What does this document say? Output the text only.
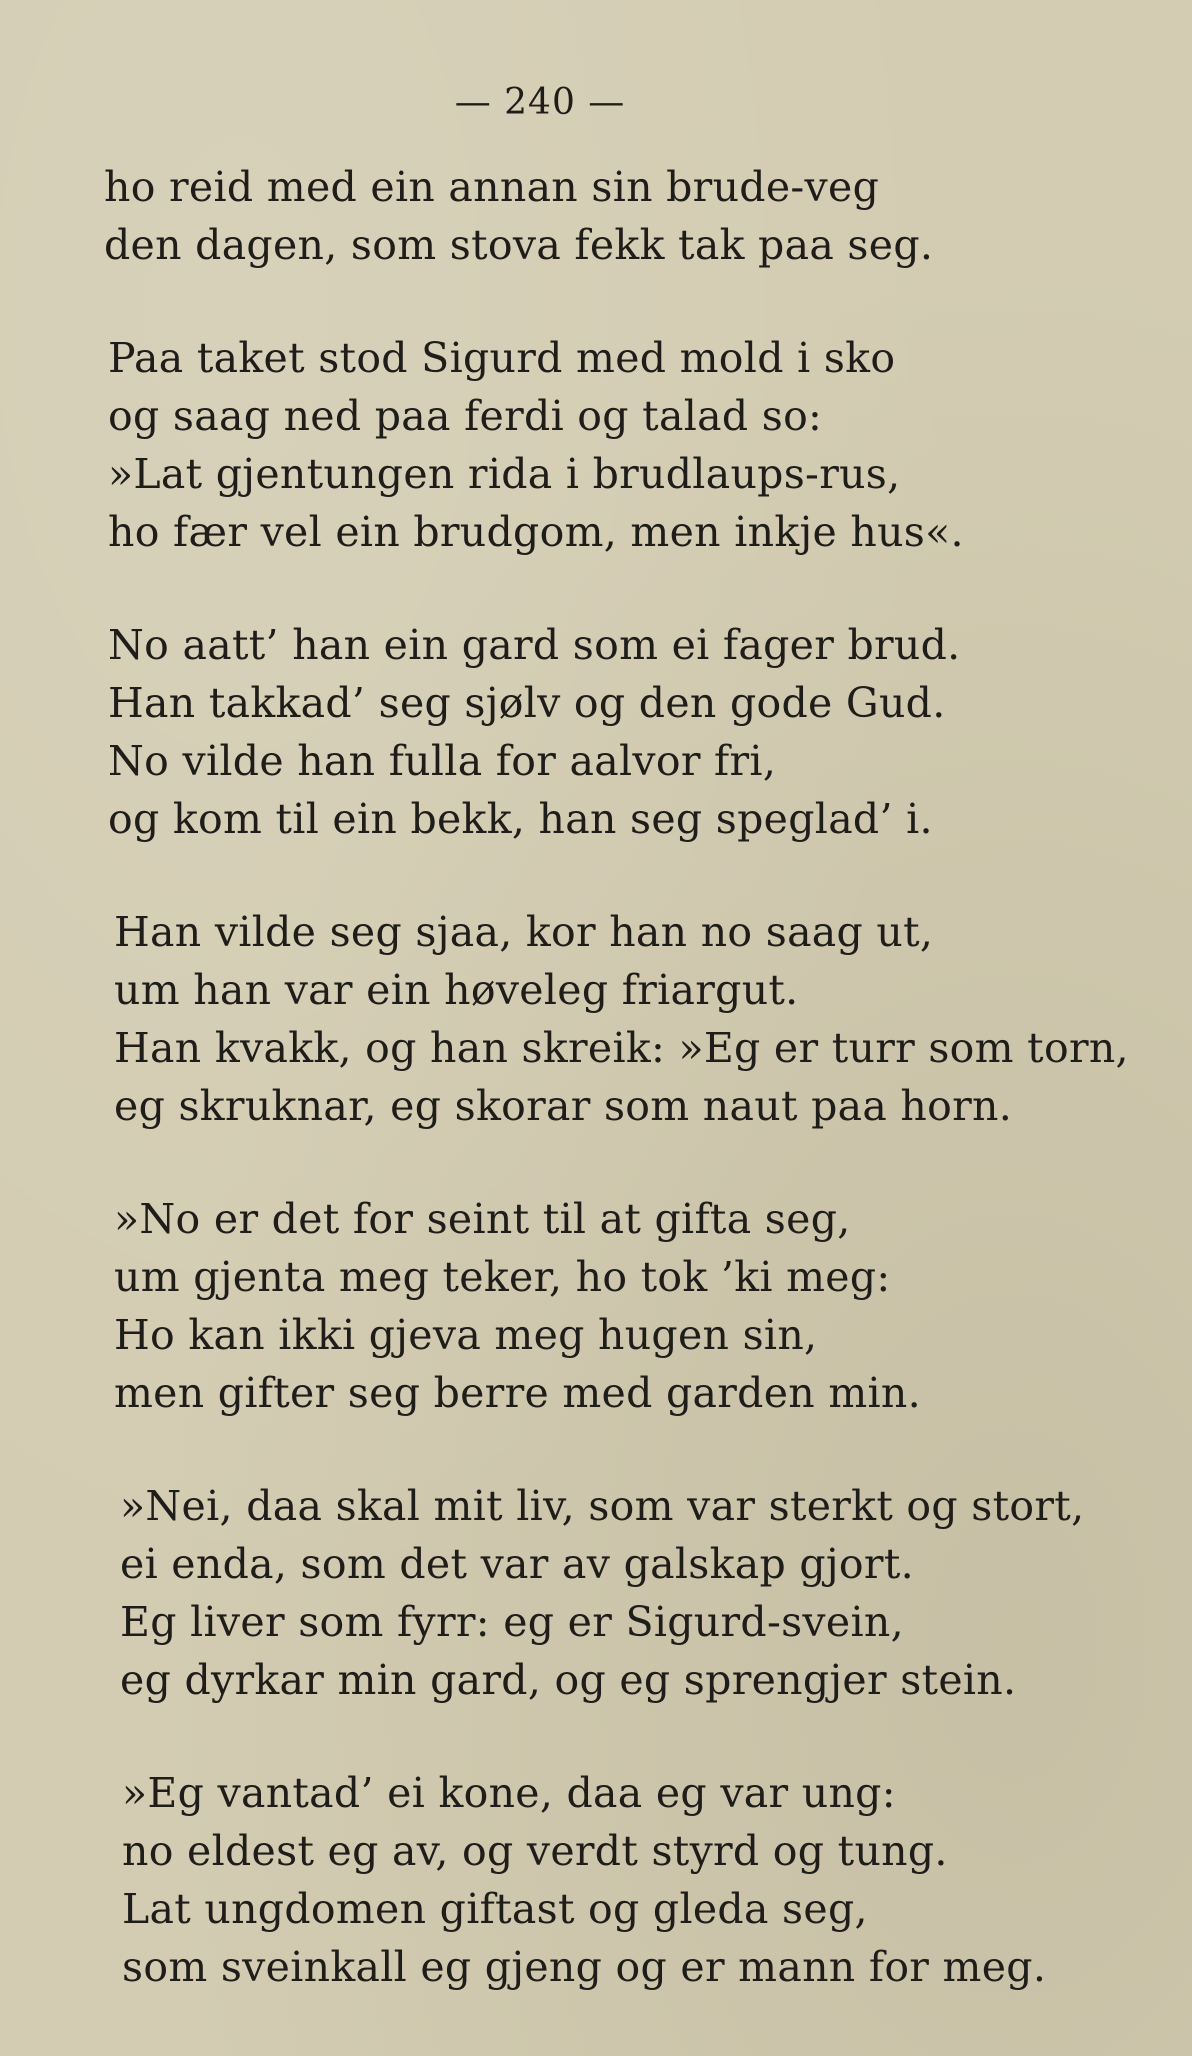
— 240 —
ho reid med ein annan sin brude-veg
den dagen, som stova fekk tak paa seg.
Paa taket stod Sigurd med mold i sko
og saag ned paa ferdi og talad so:
»Lat gjentungen rida i brudlaups-rus,
ho fær vel ein brudgom, men inkje hus«.
No aatt’ han ein gard som ei fager brud.
Han takkad’ seg sjølv og den gode Gud.
No vilde han fulla for aalvor fri,
og kom til ein bekk, han seg speglad’ i.
Han vilde seg sjaa, kor han no saag ut,
um han var ein høveleg friargut.
Han kvakk, og han skreik: »Eg er turr som torn,
eg skruknar, eg skorar som naut paa horn.
»No er det for seint til at gifta seg,
um gjenta meg teker, ho tok ’ki meg:
Ho kan ikki gjeva meg hugen sin,
men gifter seg berre med garden min.
»Nei, daa skal mit liv, som var sterkt og stort,
ei enda, som det var av galskap gjort.
Eg liver som fyrr: eg er Sigurd-svein,
eg dyrkar min gard, og eg sprengjer stein.
»Eg vantad’ ei kone, daa eg var ung:
no eldest eg av, og verdt styrd og tung.
Lat ungdomen giftast og gleda seg,
som sveinkall eg gjeng og er mann for meg.
